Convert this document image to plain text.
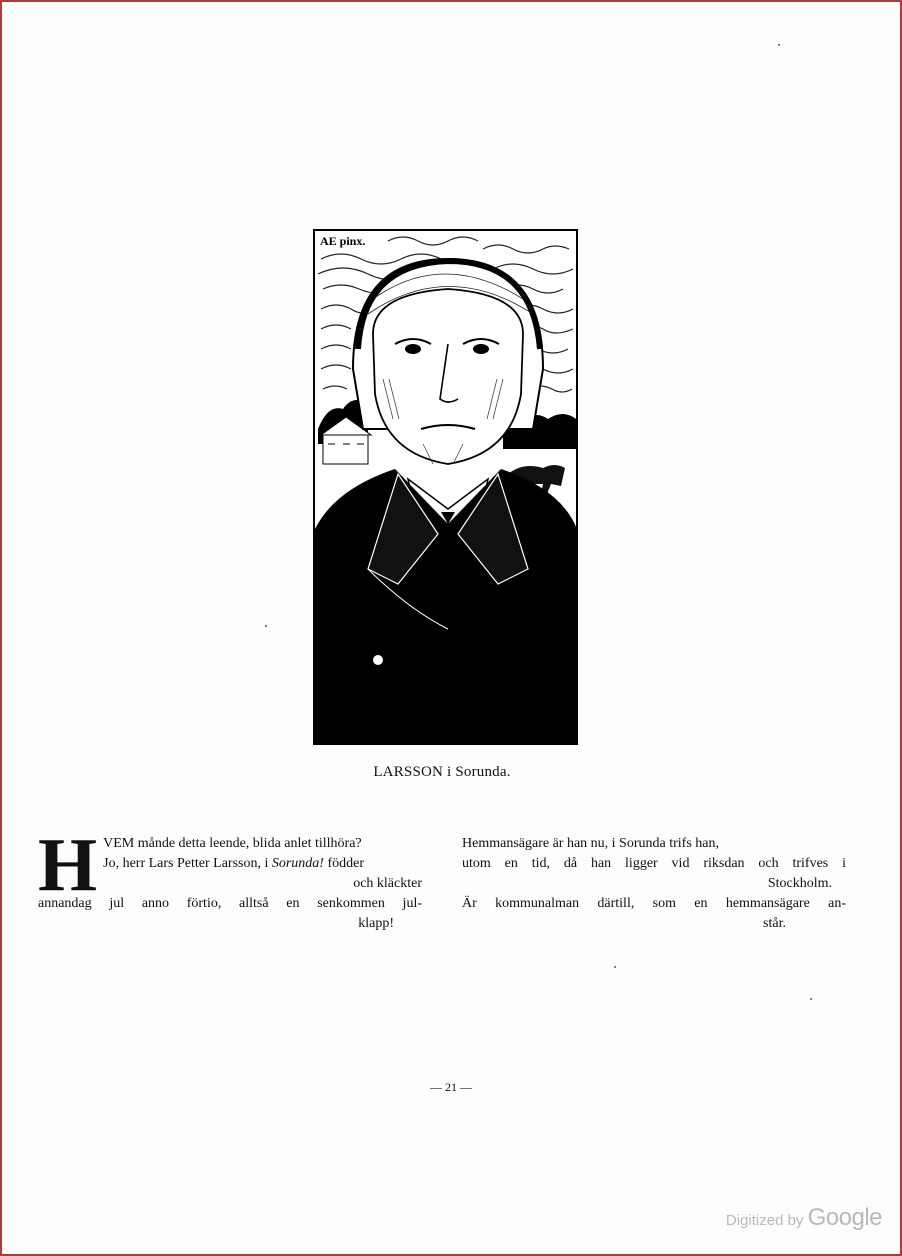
AE pinx.
LARSSON i Sorunda.
H VEM månde detta leende, blida anlet tillhöra?
Jo, herr Lars Petter Larsson, i Sorunda! födder
och kläckter
annandag jul anno förtio, alltså en senkommen jul-
klapp!
Hemmansägare är han nu, i Sorunda trifs han,
utom en tid, då han ligger vid riksdan och trifves i
Stockholm.
Är kommunalman därtill, som en hemmansägare an-
står.
— 21 —
Digitized by Google
